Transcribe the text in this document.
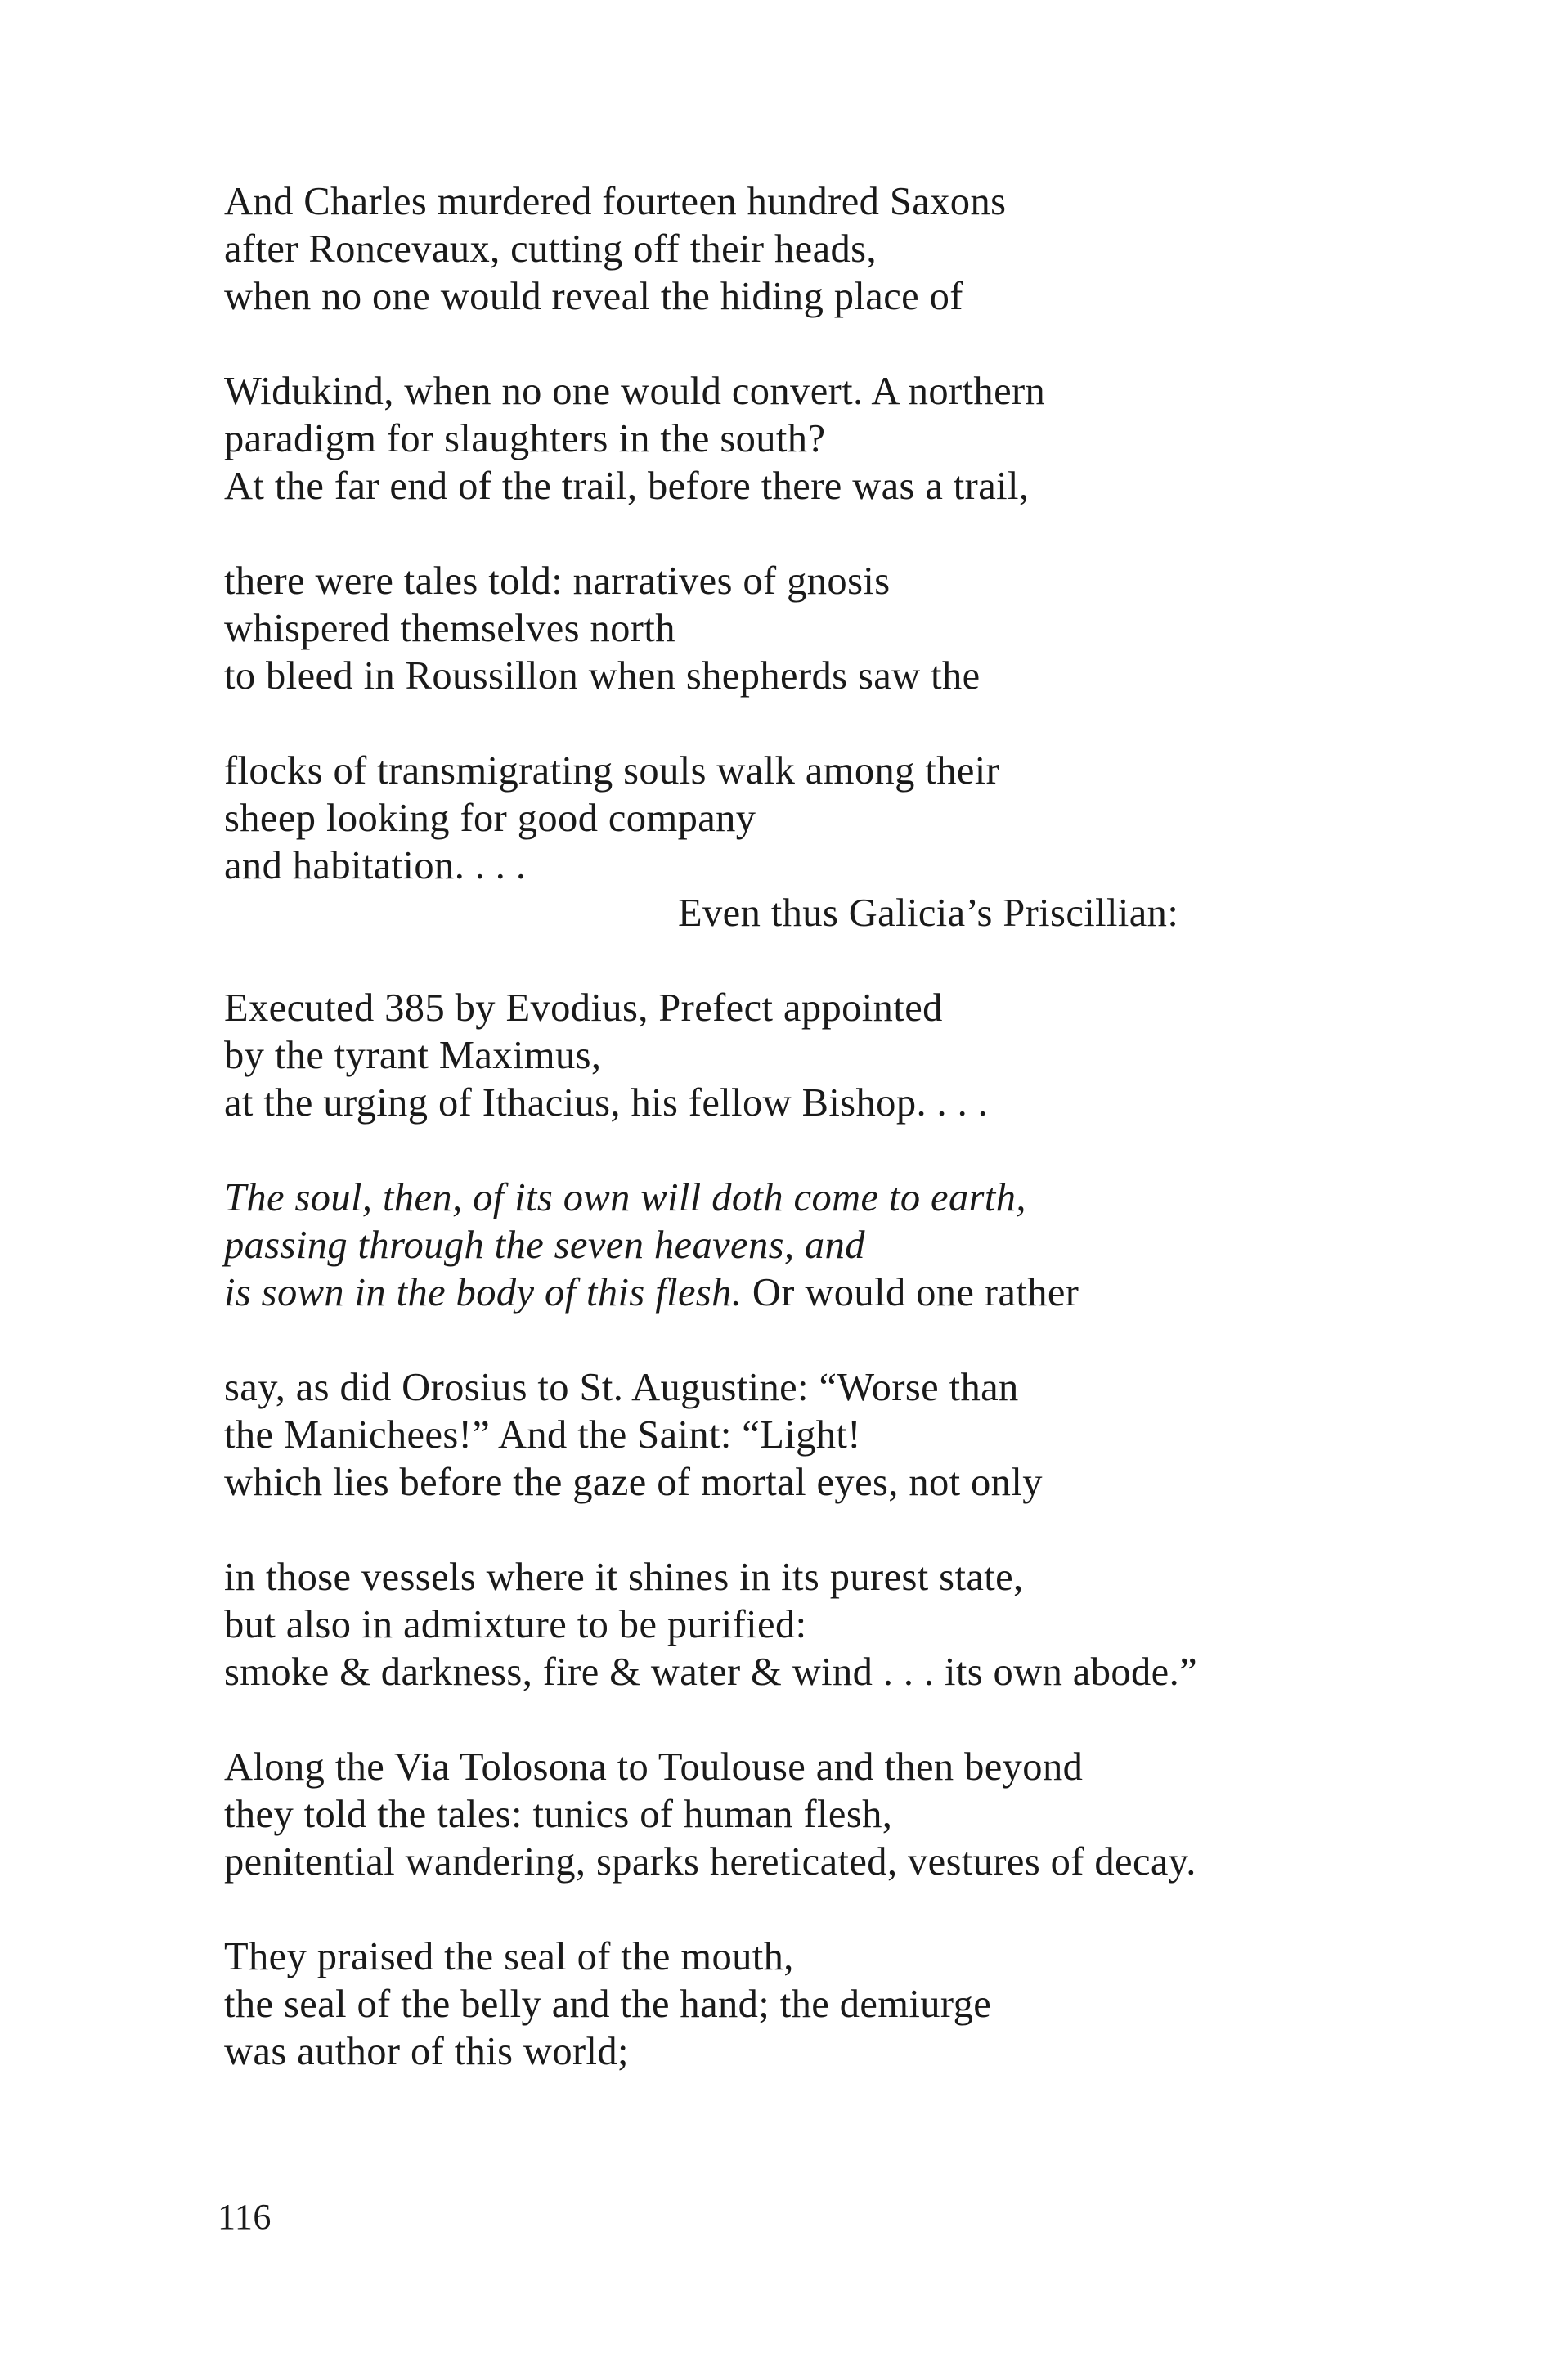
And Charles murdered fourteen hundred Saxons
after Roncevaux, cutting off their heads,
when no one would reveal the hiding place of
Widukind, when no one would convert. A northern
paradigm for slaughters in the south?
At the far end of the trail, before there was a trail,
there were tales told: narratives of gnosis
whispered themselves north
to bleed in Roussillon when shepherds saw the
flocks of transmigrating souls walk among their
sheep looking for good company
and habitation. . . .
Even thus Galicia’s Priscillian:
Executed 385 by Evodius, Prefect appointed
by the tyrant Maximus,
at the urging of Ithacius, his fellow Bishop. . . .
The soul, then, of its own will doth come to earth,
passing through the seven heavens, and
is sown in the body of this flesh. Or would one rather
say, as did Orosius to St. Augustine: “Worse than
the Manichees!” And the Saint: “Light!
which lies before the gaze of mortal eyes, not only
in those vessels where it shines in its purest state,
but also in admixture to be purified:
smoke & darkness, fire & water & wind . . . its own abode.”
Along the Via Tolosona to Toulouse and then beyond
they told the tales: tunics of human flesh,
penitential wandering, sparks hereticated, vestures of decay.
They praised the seal of the mouth,
the seal of the belly and the hand; the demiurge
was author of this world;
116
